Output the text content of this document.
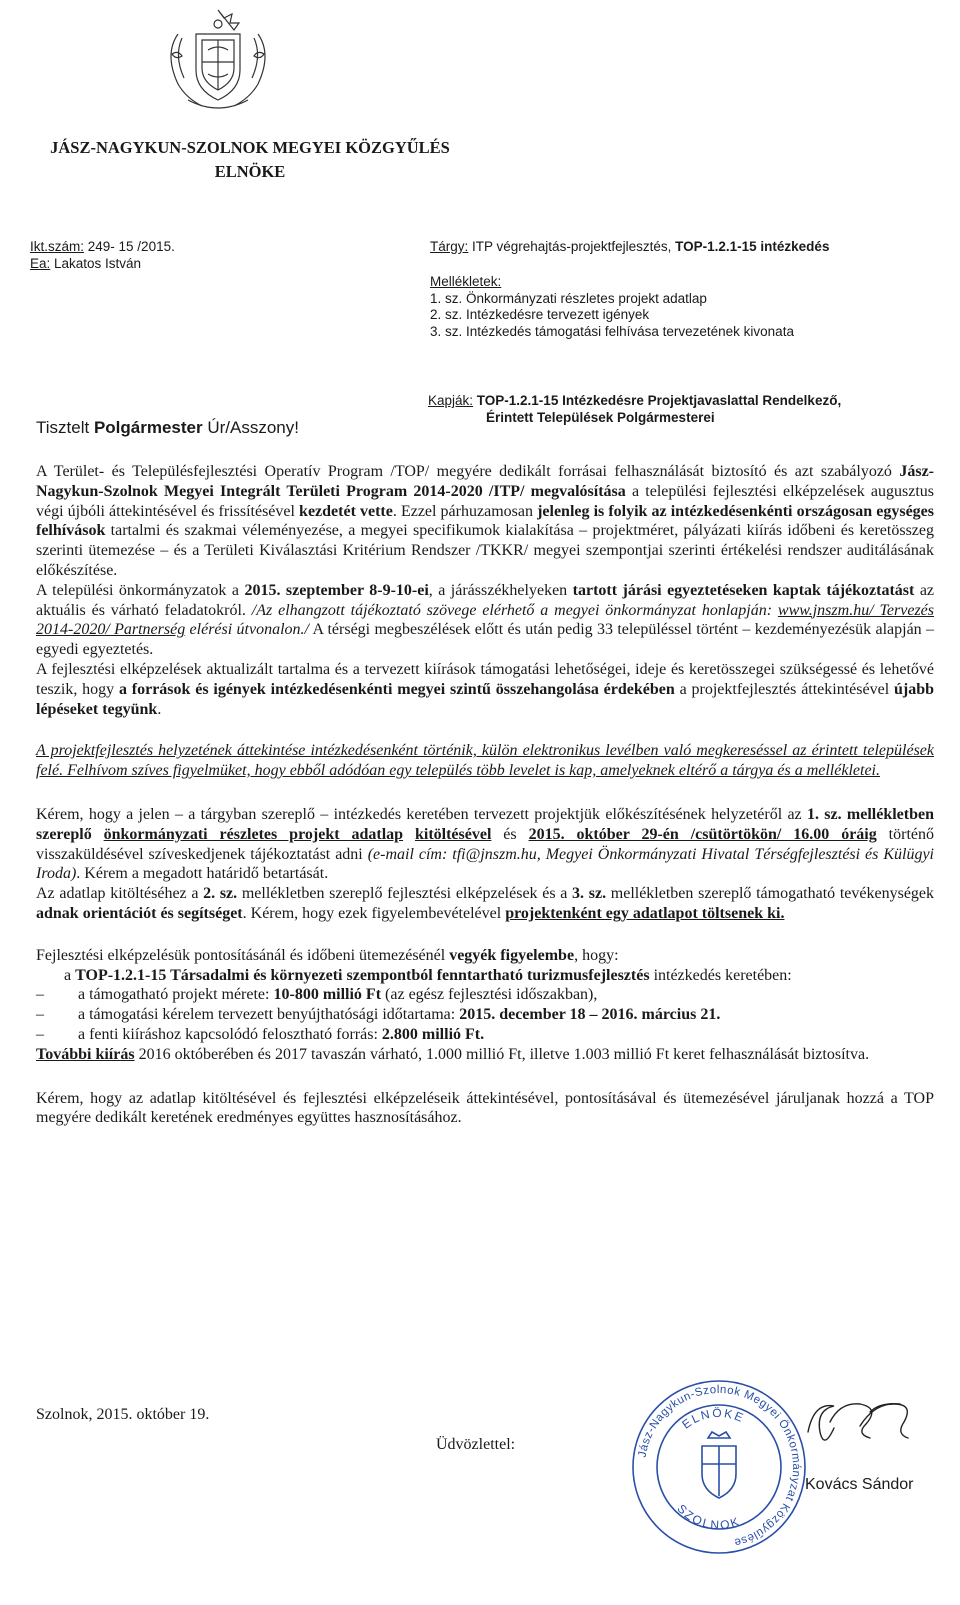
JÁSZ-NAGYKUN-SZOLNOK MEGYEI KÖZGYŰLÉS
ELNÖKE
Ikt.szám: 249- 15 /2015.
Ea: Lakatos István
Tárgy: ITP végrehajtás-projektfejlesztés, TOP-1.2.1-15 intézkedés
Mellékletek:
1. sz. Önkormányzati részletes projekt adatlap
2. sz. Intézkedésre tervezett igények
3. sz. Intézkedés támogatási felhívása tervezetének kivonata
Kapják: TOP-1.2.1-15 Intézkedésre Projektjavaslattal Rendelkező,
Érintett Települések Polgármesterei
Tisztelt Polgármester Úr/Asszony!

A Terület- és Településfejlesztési Operatív Program /TOP/ megyére dedikált forrásai felhasználását biztosító és azt szabályozó Jász-Nagykun-Szolnok Megyei Integrált Területi Program 2014-2020 /ITP/ megvalósítása a települési fejlesztési elképzelések augusztus végi újbóli áttekintésével és frissítésével kezdetét vette. Ezzel párhuzamosan jelenleg is folyik az intézkedésenkénti országosan egységes felhívások tartalmi és szakmai véleményezése, a megyei specifikumok kialakítása – projektméret, pályázati kiírás időbeni és keretösszeg szerinti ütemezése – és a Területi Kiválasztási Kritérium Rendszer /TKKR/ megyei szempontjai szerinti értékelési rendszer auditálásának előkészítése.

A települési önkormányzatok a 2015. szeptember 8-9-10-ei, a járásszékhelyeken tartott járási egyeztetéseken kaptak tájékoztatást az aktuális és várható feladatokról. /Az elhangzott tájékoztató szövege elérhető a megyei önkormányzat honlapján: www.jnszm.hu/ Tervezés 2014-2020/ Partnerség elérési útvonalon./ A térségi megbeszélések előtt és után pedig 33 településsel történt – kezdeményezésük alapján – egyedi egyeztetés.

A fejlesztési elképzelések aktualizált tartalma és a tervezett kiírások támogatási lehetőségei, ideje és keretösszegei szükségessé és lehetővé teszik, hogy a források és igények intézkedésenkénti megyei szintű összehangolása érdekében a projektfejlesztés áttekintésével újabb lépéseket tegyünk.

A projektfejlesztés helyzetének áttekintése intézkedésenként történik, külön elektronikus levélben való megkereséssel az érintett települések felé. Felhívom szíves figyelmüket, hogy ebből adódóan egy település több levelet is kap, amelyeknek eltérő a tárgya és a mellékletei.

Kérem, hogy a jelen – a tárgyban szereplő – intézkedés keretében tervezett projektjük előkészítésének helyzetéről az 1. sz. mellékletben szereplő önkormányzati részletes projekt adatlap kitöltésével és 2015. október 29-én /csütörtökön/ 16.00 óráig történő visszaküldésével szíveskedjenek tájékoztatást adni (e-mail cím: tfi@jnszm.hu, Megyei Önkormányzati Hivatal Térségfejlesztési és Külügyi Iroda). Kérem a megadott határidő betartását.

Az adatlap kitöltéséhez a 2. sz. mellékletben szereplő fejlesztési elképzelések és a 3. sz. mellékletben szereplő támogatható tevékenységek adnak orientációt és segítséget. Kérem, hogy ezek figyelembevételével projektenként egy adatlapot töltsenek ki.

Fejlesztési elképzelésük pontosításánál és időbeni ütemezésénél vegyék figyelembe, hogy:

a TOP-1.2.1-15 Társadalmi és környezeti szempontból fenntartható turizmusfejlesztés intézkedés keretében:

–	a támogatható projekt mérete: 10-800 millió Ft (az egész fejlesztési időszakban),
–	a támogatási kérelem tervezett benyújthatósági időtartama: 2015. december 18 – 2016. március 21.
–	a fenti kiíráshoz kapcsolódó felosztható forrás: 2.800 millió Ft.

További kiírás 2016 októberében és 2017 tavaszán várható, 1.000 millió Ft, illetve 1.003 millió Ft keret felhasználását biztosítva.

Kérem, hogy az adatlap kitöltésével és fejlesztési elképzeléseik áttekintésével, pontosításával és ütemezésével járuljanak hozzá a TOP megyére dedikált keretének eredményes együttes hasznosításához.

Szolnok, 2015. október 19.
Üdvözlettel:
Jász-Nagykun-Szolnok Megyei Önkormányzat Közgyűlése
ELNÖKE
SZOLNOK
Kovács Sándor
